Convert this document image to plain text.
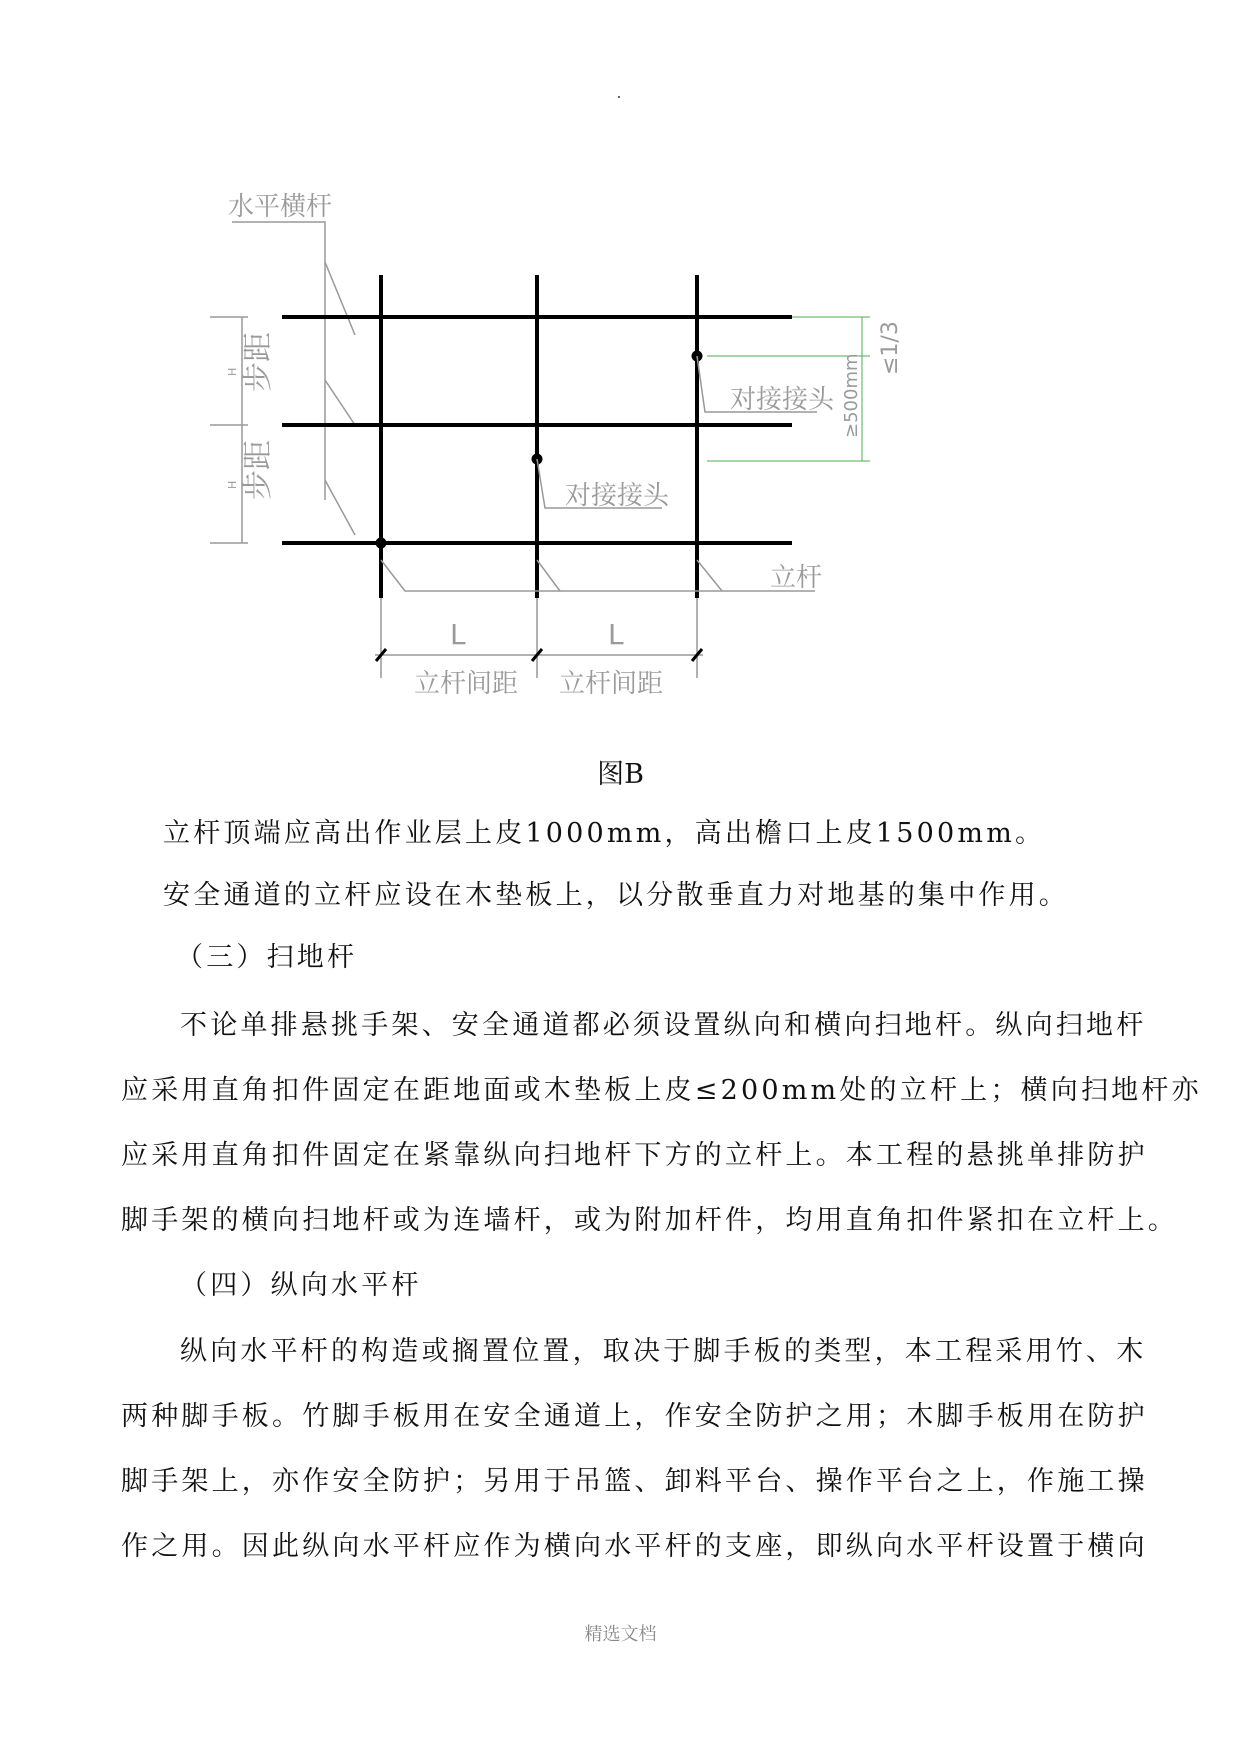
水平横杆
步距
步距
H
H
对接接头
对接接头
立杆
L	L
立杆间距 立杆间距
≤1/3
≥500mm
图B
立杆顶端应高出作业层上皮1000mm，高出檐口上皮1500mm。
安全通道的立杆应设在木垫板上，以分散垂直力对地基的集中作用。
（三）扫地杆
不论单排悬挑手架、安全通道都必须设置纵向和横向扫地杆。纵向扫地杆
应采用直角扣件固定在距地面或木垫板上皮≤200mm处的立杆上；横向扫地杆亦
应采用直角扣件固定在紧靠纵向扫地杆下方的立杆上。本工程的悬挑单排防护
脚手架的横向扫地杆或为连墙杆，或为附加杆件，均用直角扣件紧扣在立杆上。
（四）纵向水平杆
纵向水平杆的构造或搁置位置，取决于脚手板的类型，本工程采用竹、木
两种脚手板。竹脚手板用在安全通道上，作安全防护之用；木脚手板用在防护
脚手架上，亦作安全防护；另用于吊篮、卸料平台、操作平台之上，作施工操
作之用。因此纵向水平杆应作为横向水平杆的支座，即纵向水平杆设置于横向
精选文档
